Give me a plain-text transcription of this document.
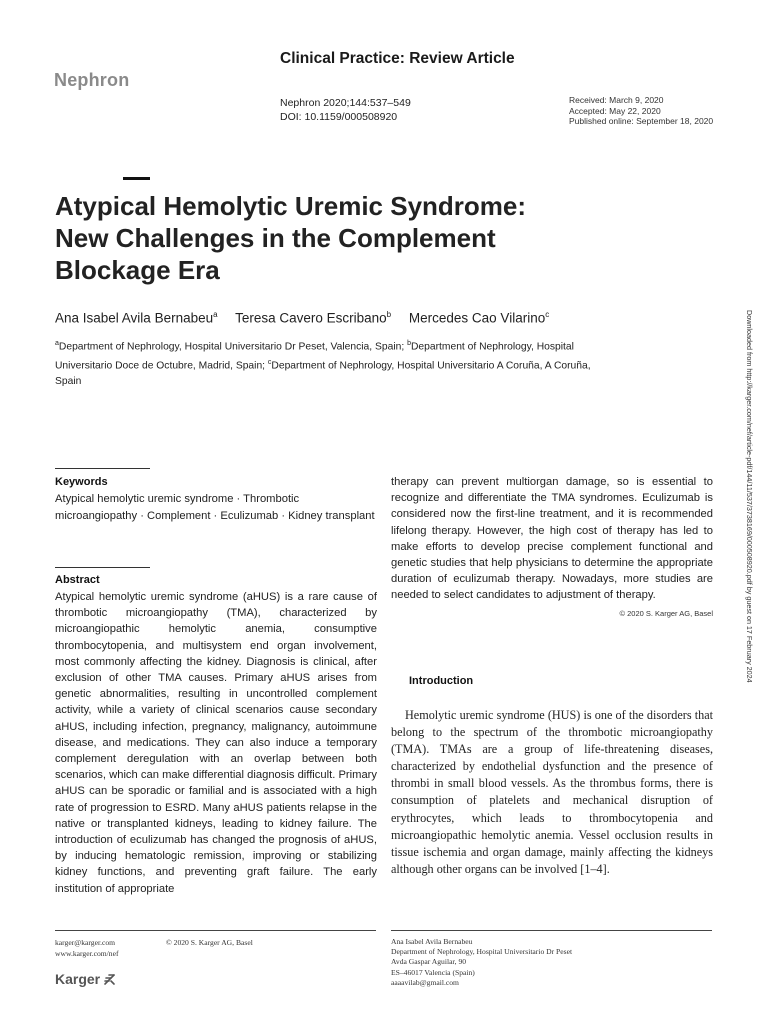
Nephron
Clinical Practice: Review Article
Nephron 2020;144:537–549
DOI: 10.1159/000508920
Received: March 9, 2020
Accepted: May 22, 2020
Published online: September 18, 2020
Atypical Hemolytic Uremic Syndrome:
New Challenges in the Complement
Blockage Era
Ana Isabel Avila Bernabeu$^a$ Teresa Cavero Escribano$^b$ Mercedes Cao Vilarino$^c$
$^a$Department of Nephrology, Hospital Universitario Dr Peset, Valencia, Spain; $^b$Department of Nephrology, Hospital Universitario Doce de Octubre, Madrid, Spain; $^c$Department of Nephrology, Hospital Universitario A Coruña, A Coruña, Spain	Downloaded from http://karger.com/nef/article-pdf/144/11/537/3738169/000508920.pdf by guest on 17 February 2024
Keywords
Atypical hemolytic uremic syndrome · Thrombotic microangiopathy · Complement · Eculizumab · Kidney transplant
Abstract
Atypical hemolytic uremic syndrome (aHUS) is a rare cause of thrombotic microangiopathy (TMA), characterized by microangiopathic hemolytic anemia, consumptive thrombocytopenia, and multisystem end organ involvement, most commonly affecting the kidney. Diagnosis is clinical, after exclusion of other TMA causes. Primary aHUS arises from genetic abnormalities, resulting in uncontrolled complement activity, while a variety of clinical scenarios cause secondary aHUS, including infection, pregnancy, malignancy, autoimmune disease, and medications. They can also induce a temporary complement deregulation with an overlap between both scenarios, which can make differential diagnosis difficult. Primary aHUS can be sporadic or familial and is associated with a high rate of progression to ESRD. Many aHUS patients relapse in the native or transplanted kidneys, leading to kidney failure. The introduction of eculizumab has changed the prognosis of aHUS, by inducing hematologic remission, improving or stabilizing kidney functions, and preventing graft failure. The early institution of appropriate
therapy can prevent multiorgan damage, so is essential to recognize and differentiate the TMA syndromes. Eculizumab is considered now the first-line treatment, and it is recommended lifelong therapy. However, the high cost of therapy has led to make efforts to develop precise complement functional and genetic studies that help physicians to determine the appropriate duration of eculizumab therapy. Nowadays, more studies are needed to select candidates to adjustment of therapy.
© 2020 S. Karger AG, Basel
Introduction
Hemolytic uremic syndrome (HUS) is one of the disorders that belong to the spectrum of the thrombotic microangiopathy (TMA). TMAs are a group of life-threatening diseases, characterized by endothelial dysfunction and the presence of thrombi in small blood vessels. As the thrombus forms, there is consumption of platelets and mechanical disruption of erythrocytes, which leads to thrombocytopenia and microangiopathic hemolytic anemia. Vessel occlusion results in tissue ischemia and organ damage, mainly affecting the kidneys although other organs can be involved [1–4].
karger@karger.com
www.karger.com/nef
© 2020 S. Karger AG, Basel
Karger
Ana Isabel Avila Bernabeu
Department of Nephrology, Hospital Universitario Dr Peset
Avda Gaspar Aguilar, 90
ES–46017 Valencia (Spain)
aaaavilab@gmail.com
